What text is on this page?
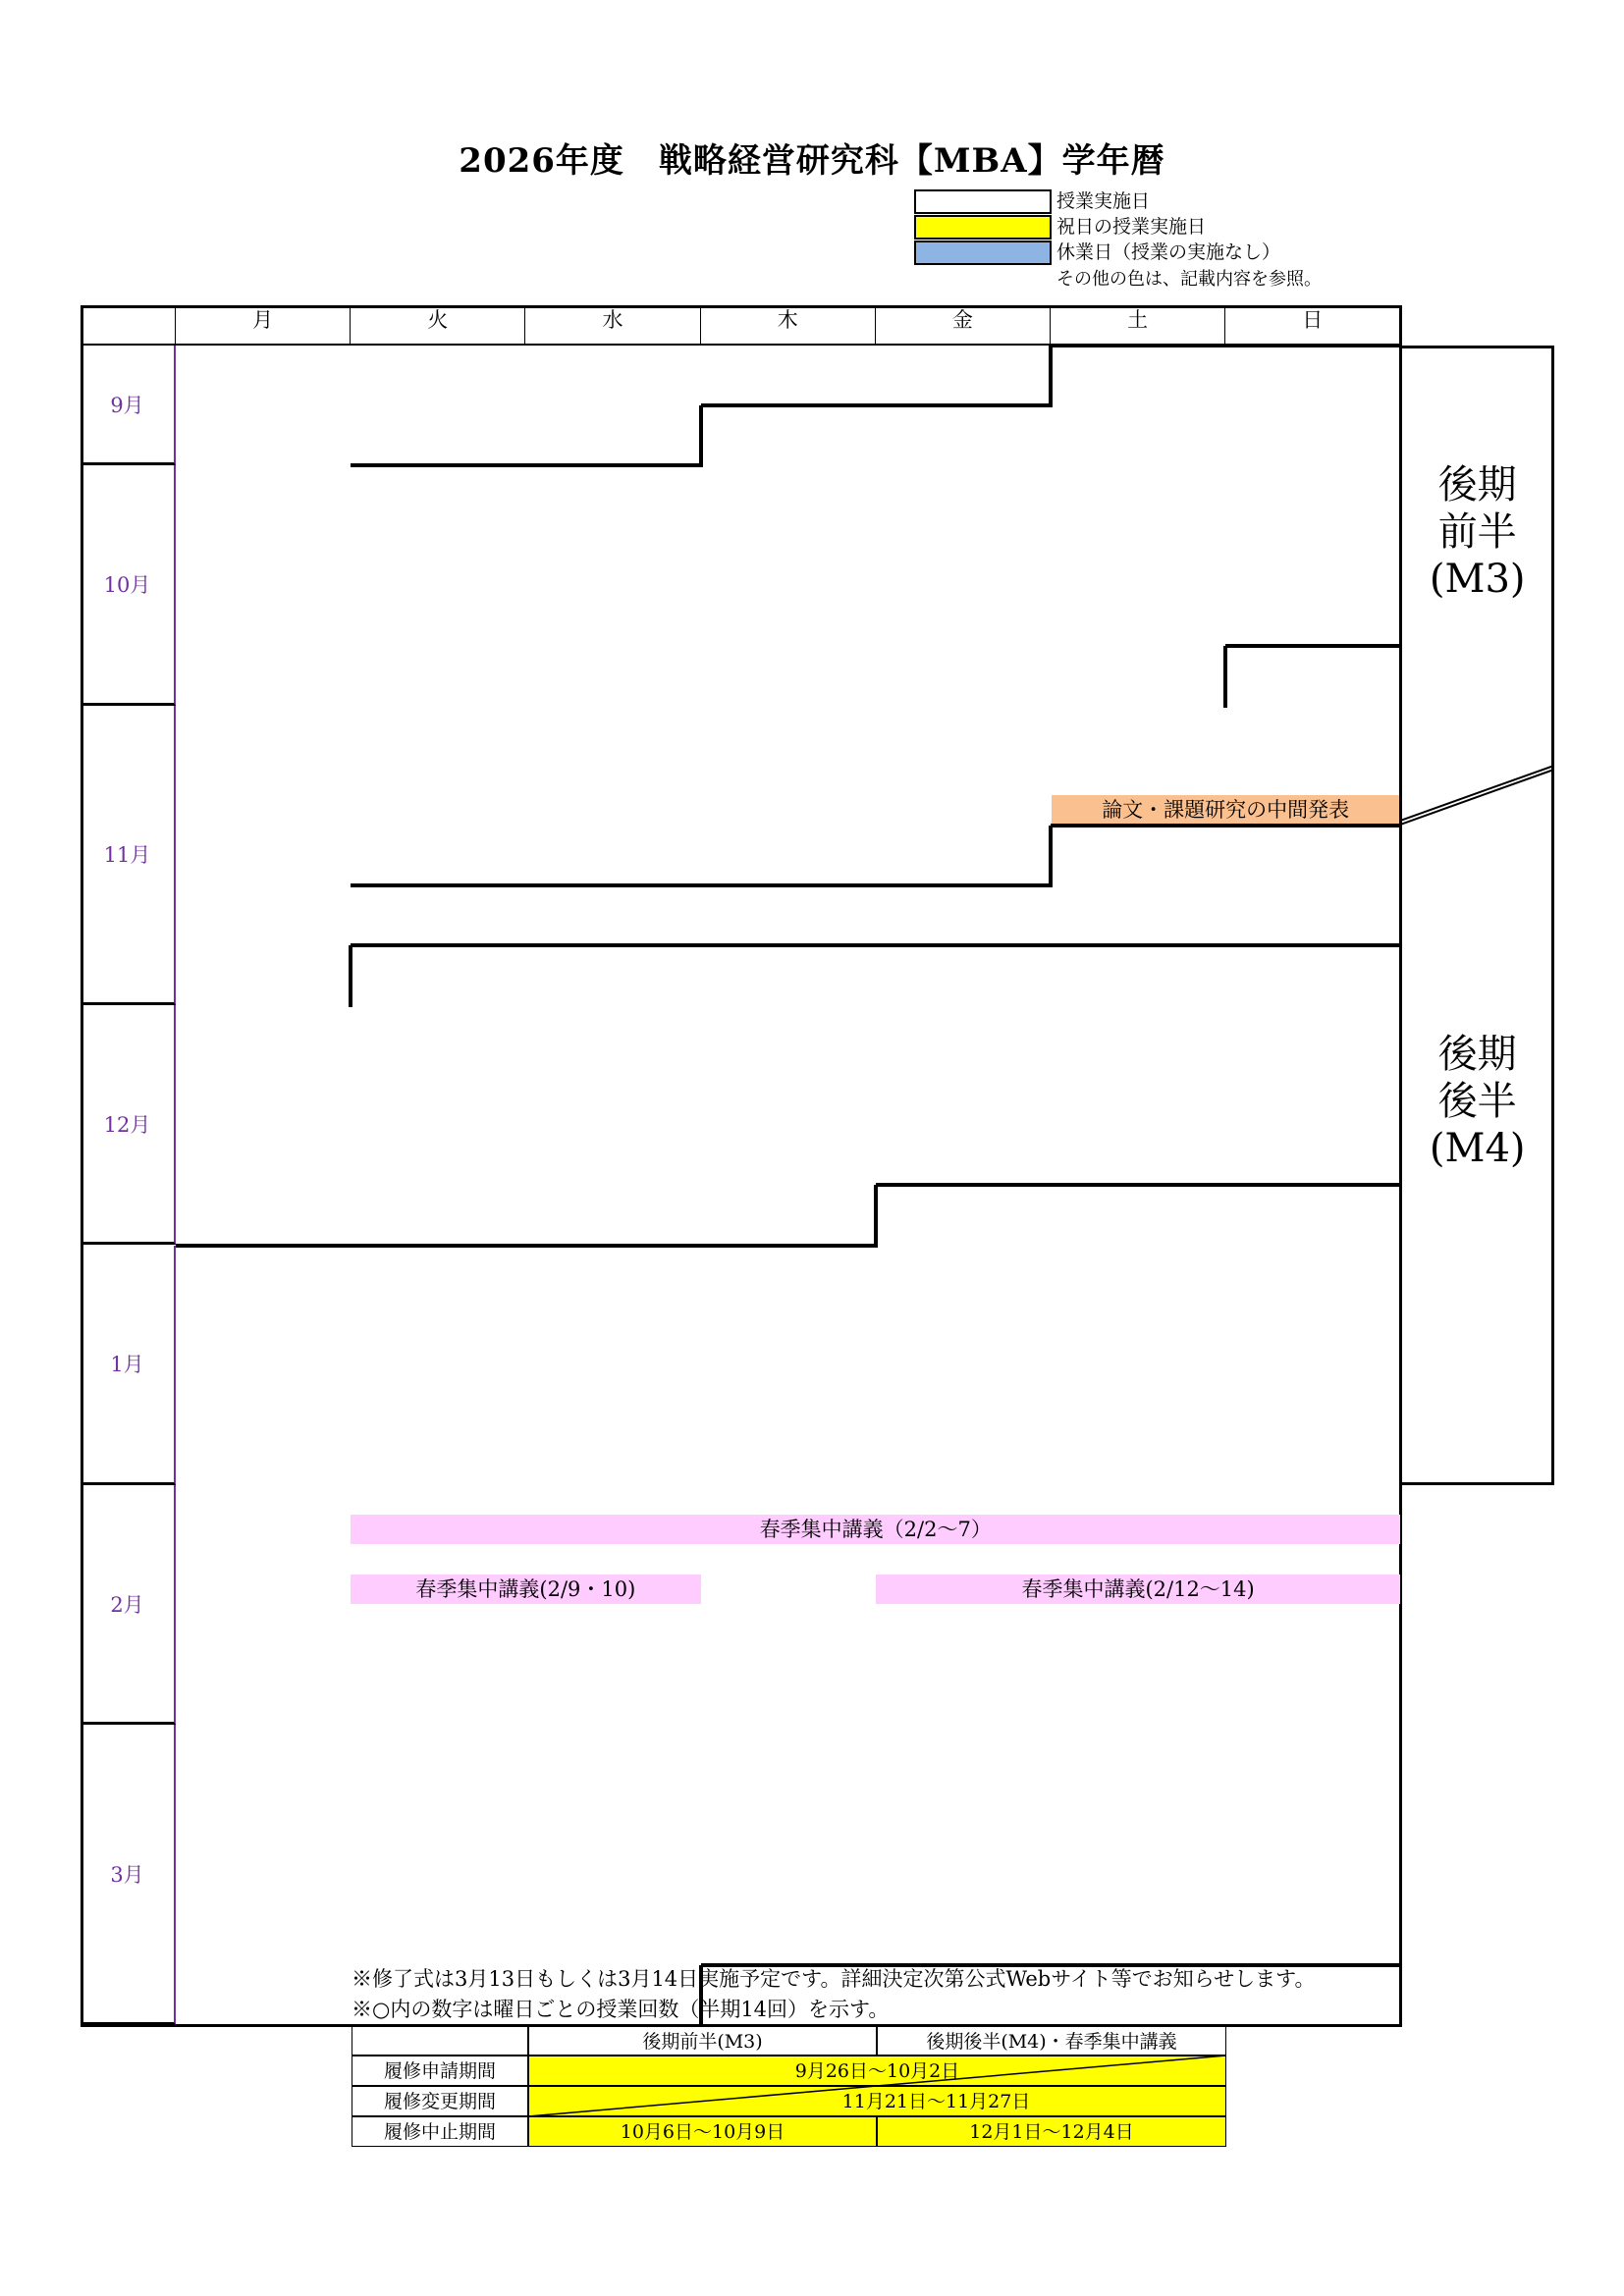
2026年度　戦略経営研究科【MBA】学年暦
授業実施日
祝日の授業実施日
休業日（授業の実施なし）
その他の色は、記載内容を参照。
月	火	水	木	金	土	日
9月
10月
11月
12月
1月
2月
3月
論文・課題研究の中間発表
春季集中講義（2/2～7）
春季集中講義(2/9・10)	春季集中講義(2/12～14)
後期
前半
(M3)
後期
後半
(M4)
※修了式は3月13日もしくは3月14日実施予定です。詳細決定次第公式Webサイト等でお知らせします。
※○内の数字は曜日ごとの授業回数（半期14回）を示す。
後期前半(M3)	後期後半(M4)・春季集中講義
履修申請期間	9月26日～10月2日
履修変更期間	11月21日～11月27日
履修中止期間	10月6日～10月9日	12月1日～12月4日
